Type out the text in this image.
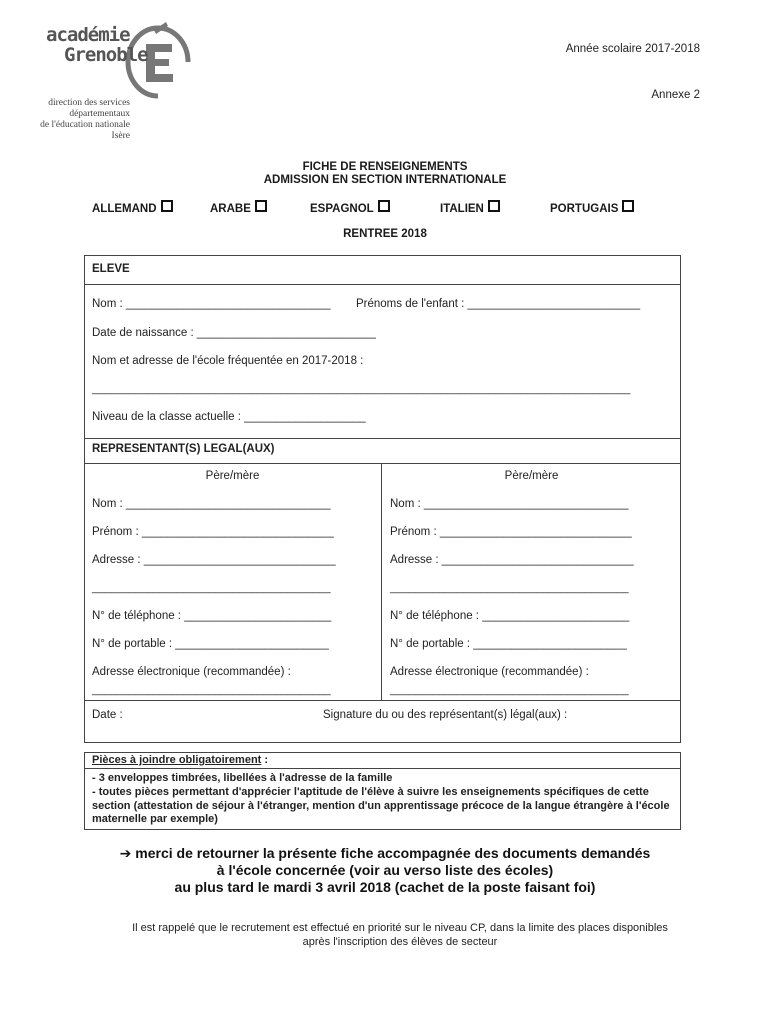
académie
Grenoble
direction des services
départementaux
de l'éducation nationale
Isère
Année scolaire 2017-2018
Annexe 2
FICHE DE RENSEIGNEMENTS
ADMISSION EN SECTION INTERNATIONALE
ALLEMAND	ARABE	ESPAGNOL	ITALIEN	PORTUGAIS
RENTREE 2018
ELEVE
Nom : ________________________________ Prénoms de l'enfant : ___________________________
Date de naissance : ____________________________
Nom et adresse de l'école fréquentée en 2017-2018 :
________________________________________________________________________________________
Niveau de la classe actuelle : ___________________
REPRESENTANT(S) LEGAL(AUX)
Père/mère
Nom : ________________________________
Prénom : ______________________________
Adresse : ______________________________
_______________________________________
N° de téléphone : _______________________
N° de portable : ________________________
Adresse électronique (recommandée) :
_______________________________________
Père/mère
Nom : ________________________________
Prénom : ______________________________
Adresse : ______________________________
_______________________________________
N° de téléphone : _______________________
N° de portable : ________________________
Adresse électronique (recommandée) :
_______________________________________
Date :	Signature du ou des représentant(s) légal(aux) :
Pièces à joindre obligatoirement :
- 3 enveloppes timbrées, libellées à l'adresse de la famille
- toutes pièces permettant d'apprécier l'aptitude de l'élève à suivre les enseignements spécifiques de cette section (attestation de séjour à l'étranger, mention d'un apprentissage précoce de la langue étrangère à l'école maternelle par exemple)
➔ merci de retourner la présente fiche accompagnée des documents demandés
à l'école concernée (voir au verso liste des écoles)
au plus tard le mardi 3 avril 2018 (cachet de la poste faisant foi)
Il est rappelé que le recrutement est effectué en priorité sur le niveau CP, dans la limite des places disponibles
après l'inscription des élèves de secteur
